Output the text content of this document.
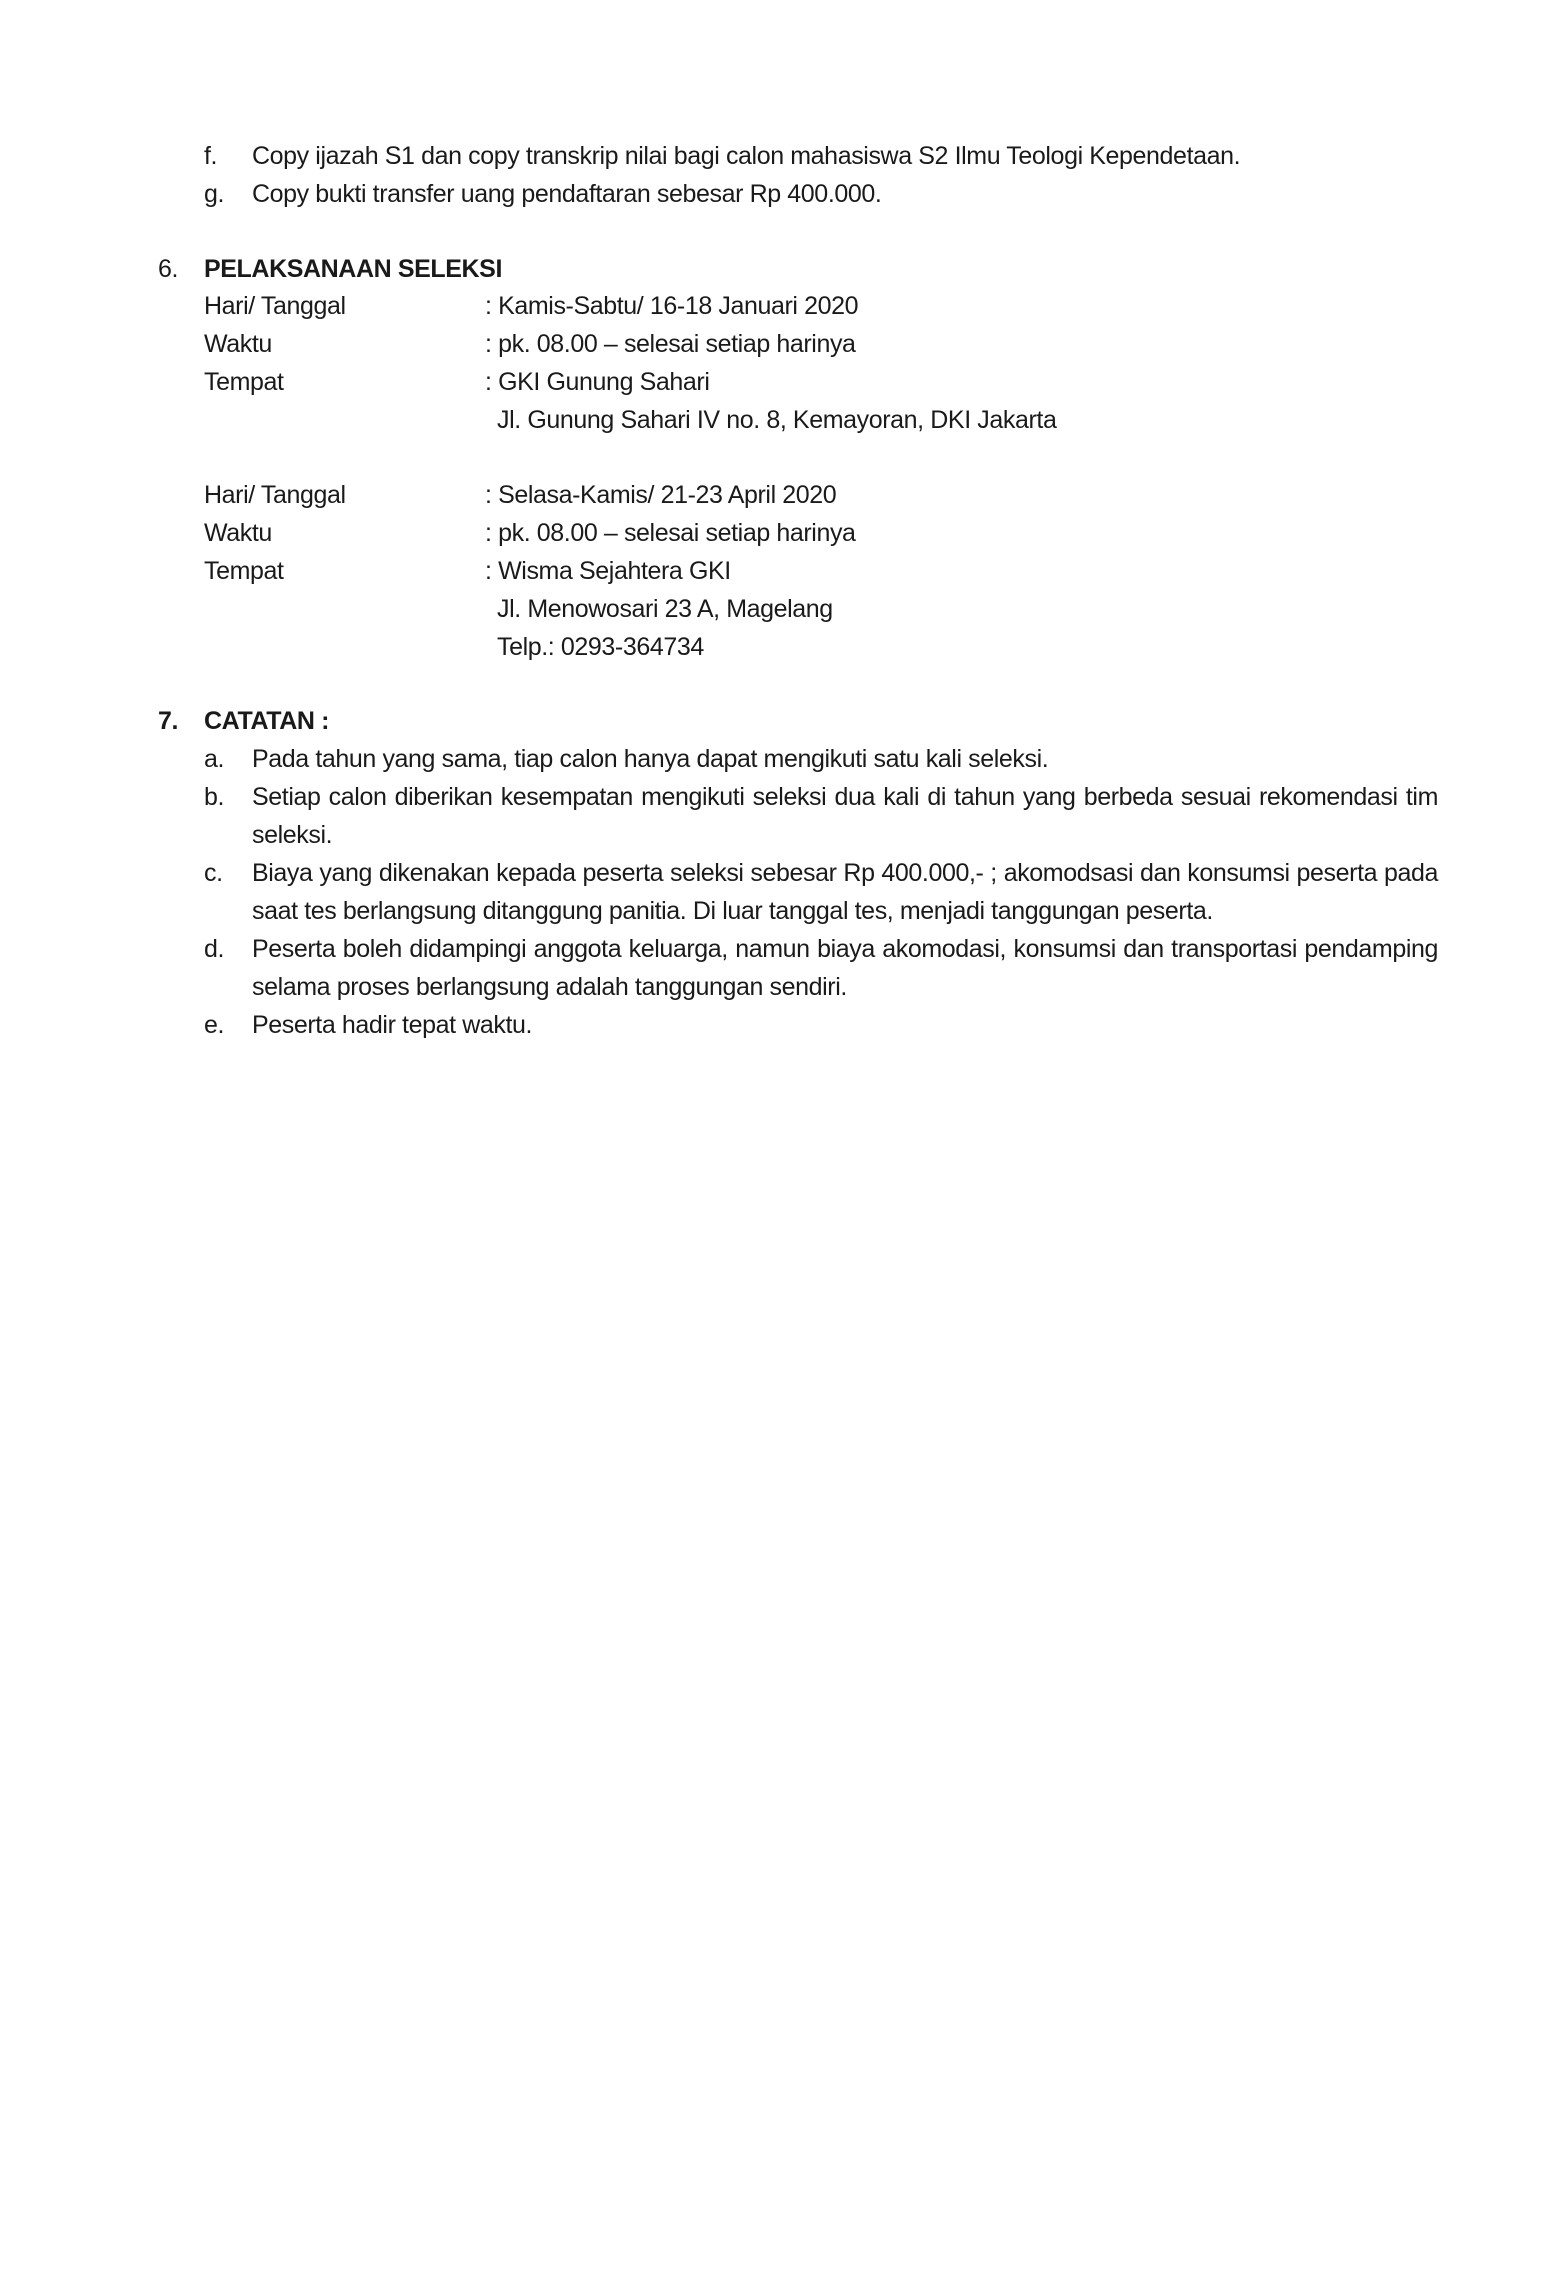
f. Copy ijazah S1 dan copy transkrip nilai bagi calon mahasiswa S2 Ilmu Teologi Kependetaan.
g. Copy bukti transfer uang pendaftaran sebesar Rp 400.000.
6. PELAKSANAAN SELEKSI
Hari/ Tanggal	: Kamis-Sabtu/ 16-18 Januari 2020
Waktu	: pk. 08.00 – selesai setiap harinya
Tempat	: GKI Gunung Sahari
Jl. Gunung Sahari IV no. 8, Kemayoran, DKI Jakarta
Hari/ Tanggal	: Selasa-Kamis/ 21-23 April 2020
Waktu	: pk. 08.00 – selesai setiap harinya
Tempat	: Wisma Sejahtera GKI
Jl. Menowosari 23 A, Magelang
Telp.: 0293-364734
7. CATATAN :
a. Pada tahun yang sama, tiap calon hanya dapat mengikuti satu kali seleksi.
b. Setiap calon diberikan kesempatan mengikuti seleksi dua kali di tahun yang berbeda sesuai rekomendasi tim
seleksi.
c. Biaya yang dikenakan kepada peserta seleksi sebesar Rp 400.000,- ; akomodsasi dan konsumsi peserta pada
saat tes berlangsung ditanggung panitia. Di luar tanggal tes, menjadi tanggungan peserta.
d. Peserta boleh didampingi anggota keluarga, namun biaya akomodasi, konsumsi dan transportasi pendamping
selama proses berlangsung adalah tanggungan sendiri.
e. Peserta hadir tepat waktu.
